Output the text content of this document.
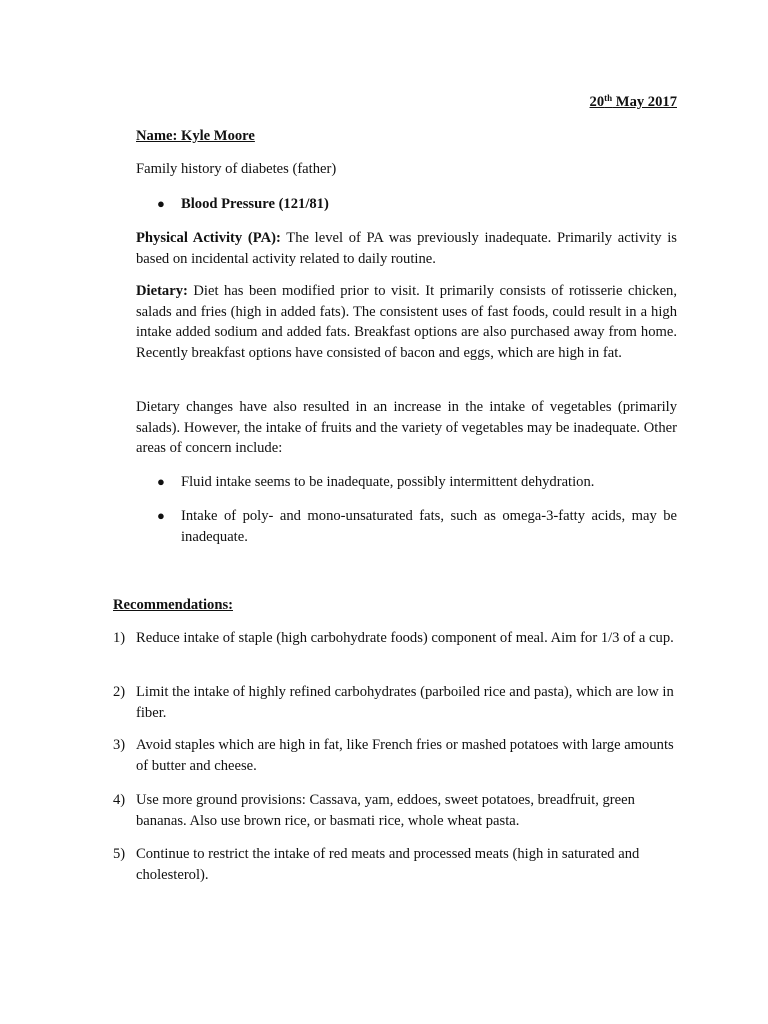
20th May 2017

Name: Kyle Moore

Family history of diabetes (father)

●	Blood Pressure (121/81)

Physical Activity (PA): The level of PA was previously inadequate. Primarily activity is based on incidental activity related to daily routine.

Dietary: Diet has been modified prior to visit. It primarily consists of rotisserie chicken, salads and fries (high in added fats). The consistent uses of fast foods, could result in a high intake added sodium and added fats. Breakfast options are also purchased away from home. Recently breakfast options have consisted of bacon and eggs, which are high in fat.

Dietary changes have also resulted in an increase in the intake of vegetables (primarily salads). However, the intake of fruits and the variety of vegetables may be inadequate. Other areas of concern include:

●	Fluid intake seems to be inadequate, possibly intermittent dehydration.
●	Intake of poly- and mono-unsaturated fats, such as omega-3-fatty acids, may be inadequate.
Recommendations:
1) Reduce intake of staple (high carbohydrate foods) component of meal. Aim for 1/3 of a cup.
2) Limit the intake of highly refined carbohydrates (parboiled rice and pasta), which are low in fiber.
3) Avoid staples which are high in fat, like French fries or mashed potatoes with large amounts of butter and cheese.
4) Use more ground provisions: Cassava, yam, eddoes, sweet potatoes, breadfruit, green bananas. Also use brown rice, or basmati rice, whole wheat pasta.
5) Continue to restrict the intake of red meats and processed meats (high in saturated and cholesterol).
